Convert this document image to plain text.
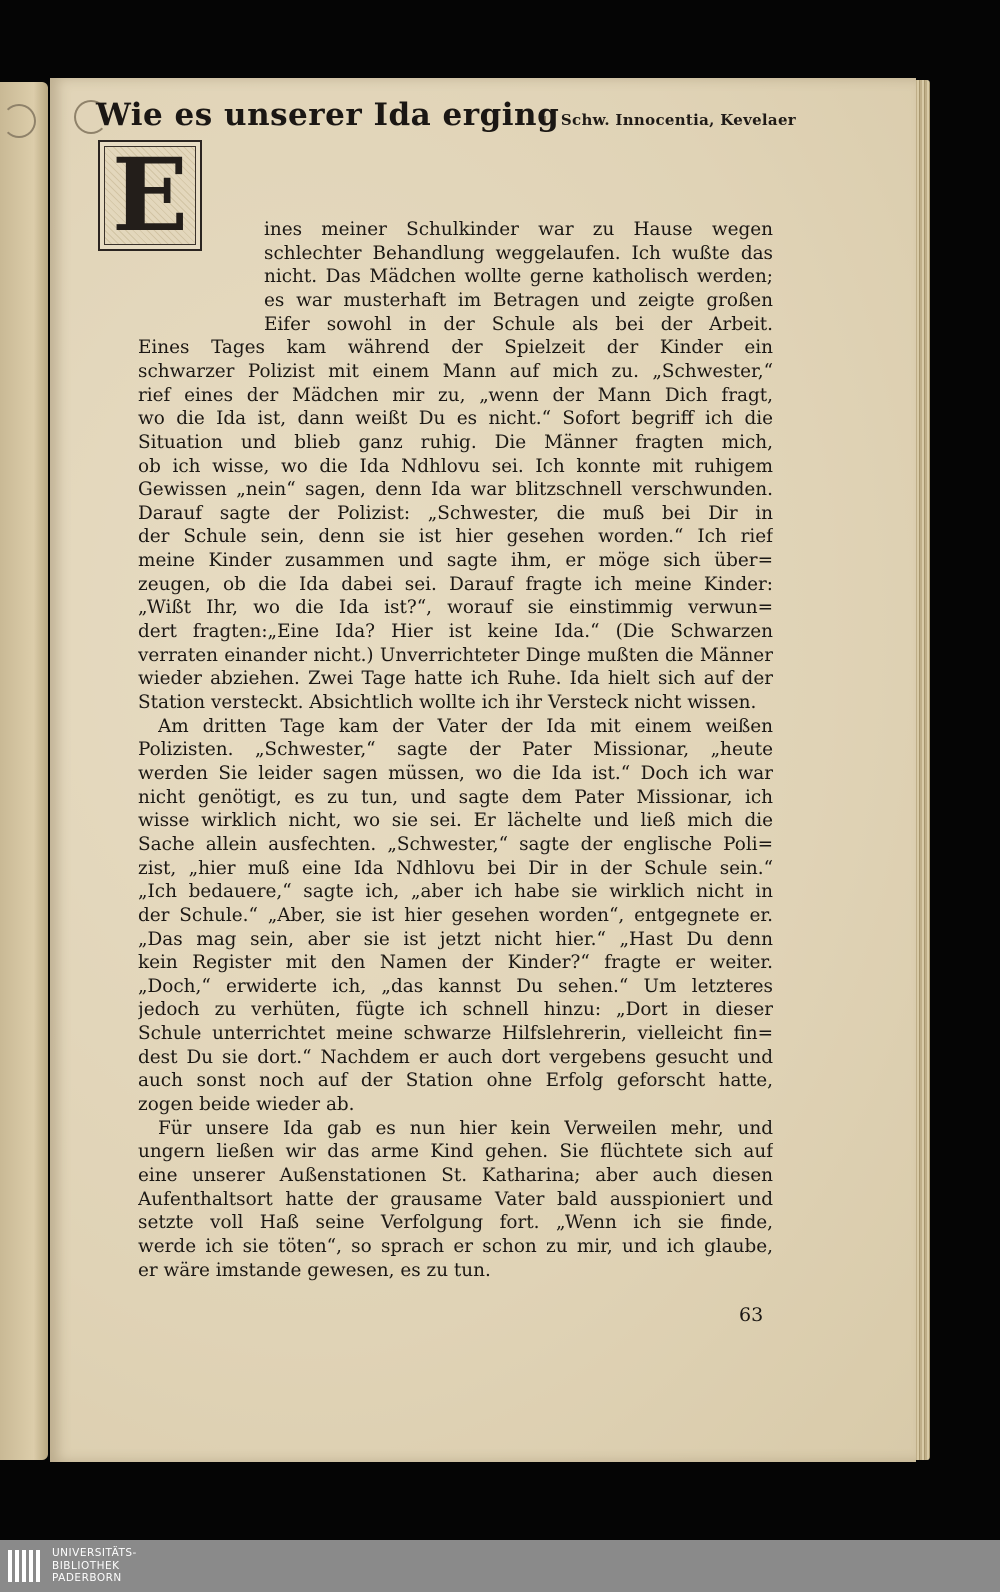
Wie es unserer Ida erging Schw. Innocentia, Kevelaer
E	ines meiner Schulkinder war zu Hause wegen
schlechter Behandlung weggelaufen. Ich wußte das
nicht. Das Mädchen wollte gerne katholisch werden;
es war musterhaft im Betragen und zeigte großen
Eifer sowohl in der Schule als bei der Arbeit.
Eines Tages kam während der Spielzeit der Kinder ein
schwarzer Polizist mit einem Mann auf mich zu. „Schwester,“
rief eines der Mädchen mir zu, „wenn der Mann Dich fragt,
wo die Ida ist, dann weißt Du es nicht.“ Sofort begriff ich die
Situation und blieb ganz ruhig. Die Männer fragten mich,
ob ich wisse, wo die Ida Ndhlovu sei. Ich konnte mit ruhigem
Gewissen „nein“ sagen, denn Ida war blitzschnell verschwunden.
Darauf sagte der Polizist: „Schwester, die muß bei Dir in
der Schule sein, denn sie ist hier gesehen worden.“ Ich rief
meine Kinder zusammen und sagte ihm, er möge sich über=
zeugen, ob die Ida dabei sei. Darauf fragte ich meine Kinder:
„Wißt Ihr, wo die Ida ist?“, worauf sie einstimmig verwun=
dert fragten:„Eine Ida? Hier ist keine Ida.“ (Die Schwarzen
verraten einander nicht.) Unverrichteter Dinge mußten die Männer
wieder abziehen. Zwei Tage hatte ich Ruhe. Ida hielt sich auf der
Station versteckt. Absichtlich wollte ich ihr Versteck nicht wissen.
Am dritten Tage kam der Vater der Ida mit einem weißen
Polizisten. „Schwester,“ sagte der Pater Missionar, „heute
werden Sie leider sagen müssen, wo die Ida ist.“ Doch ich war
nicht genötigt, es zu tun, und sagte dem Pater Missionar, ich
wisse wirklich nicht, wo sie sei. Er lächelte und ließ mich die
Sache allein ausfechten. „Schwester,“ sagte der englische Poli=
zist, „hier muß eine Ida Ndhlovu bei Dir in der Schule sein.“
„Ich bedauere,“ sagte ich, „aber ich habe sie wirklich nicht in
der Schule.“ „Aber, sie ist hier gesehen worden“, entgegnete er.
„Das mag sein, aber sie ist jetzt nicht hier.“ „Hast Du denn
kein Register mit den Namen der Kinder?“ fragte er weiter.
„Doch,“ erwiderte ich, „das kannst Du sehen.“ Um letzteres
jedoch zu verhüten, fügte ich schnell hinzu: „Dort in dieser
Schule unterrichtet meine schwarze Hilfslehrerin, vielleicht fin=
dest Du sie dort.“ Nachdem er auch dort vergebens gesucht und
auch sonst noch auf der Station ohne Erfolg geforscht hatte,
zogen beide wieder ab.
Für unsere Ida gab es nun hier kein Verweilen mehr, und
ungern ließen wir das arme Kind gehen. Sie flüchtete sich auf
eine unserer Außenstationen St. Katharina; aber auch diesen
Aufenthaltsort hatte der grausame Vater bald ausspioniert und
setzte voll Haß seine Verfolgung fort. „Wenn ich sie finde,
werde ich sie töten“, so sprach er schon zu mir, und ich glaube,
er wäre imstande gewesen, es zu tun.
63
UNIVERSITÄTS-
BIBLIOTHEK
PADERBORN
